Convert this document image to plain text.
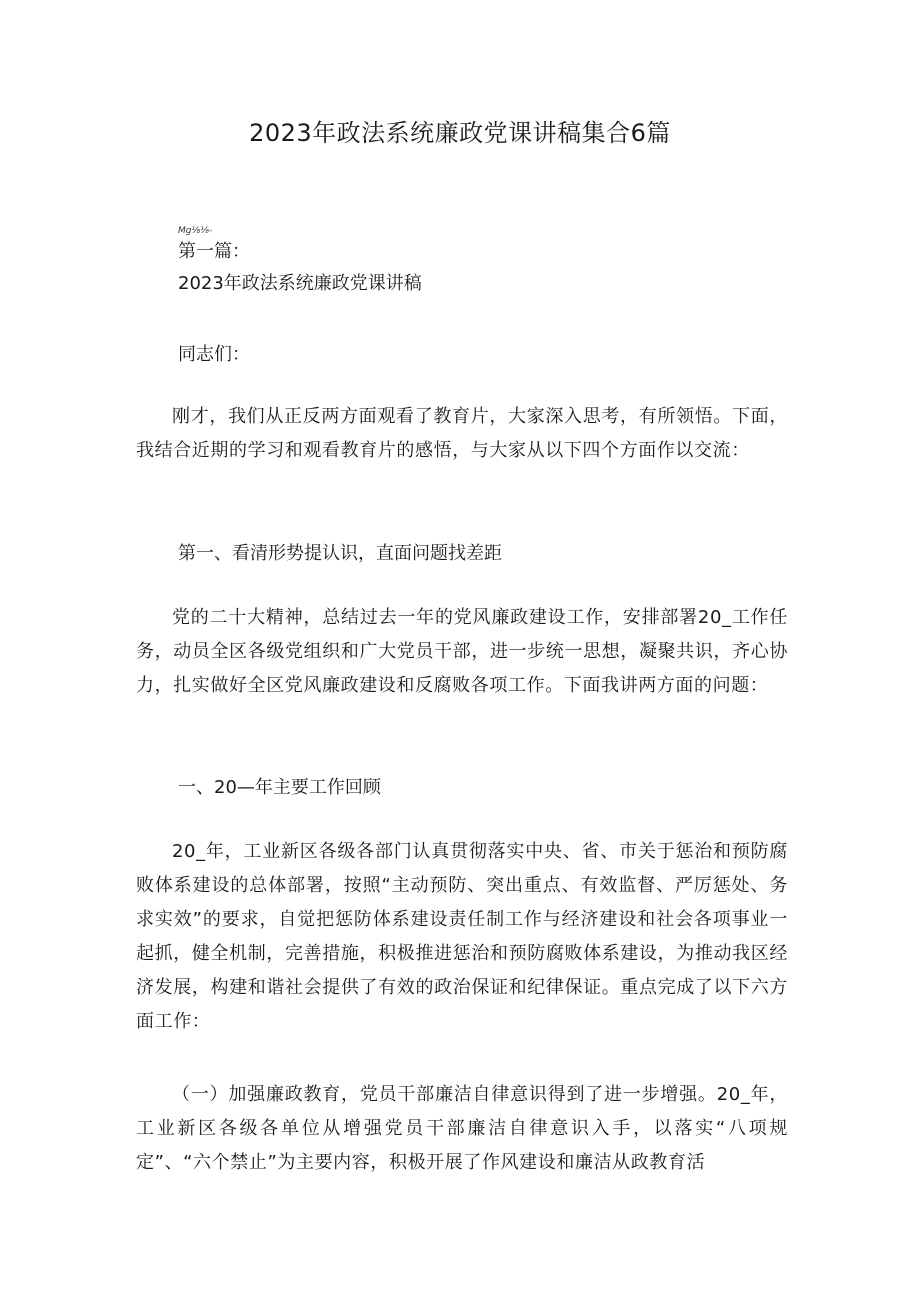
2023年政法系统廉政党课讲稿集合6篇
Mg⅛⅛-

第一篇：

2023年政法系统廉政党课讲稿

同志们：

刚才，我们从正反两方面观看了教育片，大家深入思考，有所领悟。下面，我结合近期的学习和观看教育片的感悟，与大家从以下四个方面作以交流：

第一、看清形势提认识，直面问题找差距

党的二十大精神，总结过去一年的党风廉政建设工作，安排部署20_工作任务，动员全区各级党组织和广大党员干部，进一步统一思想，凝聚共识，齐心协力，扎实做好全区党风廉政建设和反腐败各项工作。下面我讲两方面的问题：

一、20—年主要工作回顾

20_年，工业新区各级各部门认真贯彻落实中央、省、市关于惩治和预防腐败体系建设的总体部署，按照“主动预防、突出重点、有效监督、严厉惩处、务求实效”的要求，自觉把惩防体系建设责任制工作与经济建设和社会各项事业一起抓，健全机制，完善措施，积极推进惩治和预防腐败体系建设，为推动我区经济发展，构建和谐社会提供了有效的政治保证和纪律保证。重点完成了以下六方面工作：

（一）加强廉政教育，党员干部廉洁自律意识得到了进一步增强。20_年，工业新区各级各单位从增强党员干部廉洁自律意识入手，以落实“八项规定”、“六个禁止”为主要内容，积极开展了作风建设和廉洁从政教育活
